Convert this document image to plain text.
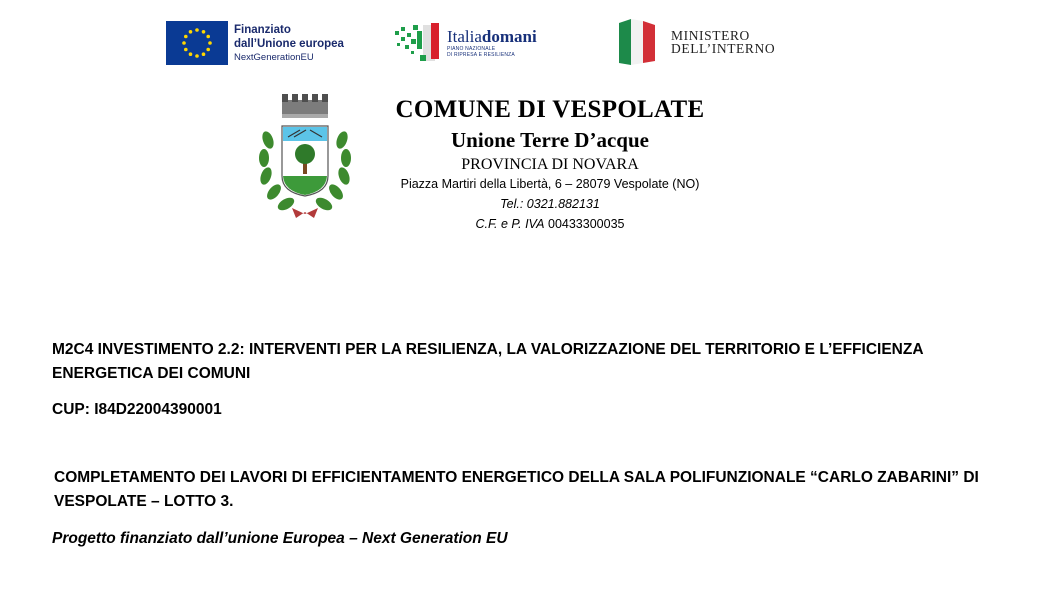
Finanziato
dall’Unione europea
NextGenerationEU
Italiadomani
PIANO NAZIONALE
DI RIPRESA E RESILIENZA
MINISTERO
DELL’INTERNO
COMUNE DI VESPOLATE
Unione Terre D’acque
PROVINCIA DI NOVARA
Piazza Martiri della Libertà, 6 – 28079 Vespolate (NO)
Tel.: 0321.882131
C.F. e P. IVA 00433300035
M2C4 INVESTIMENTO 2.2: INTERVENTI PER LA RESILIENZA, LA VALORIZZAZIONE DEL TERRITORIO E L’EFFICIENZA ENERGETICA DEI COMUNI
CUP: I84D22004390001
COMPLETAMENTO DEI LAVORI DI EFFICIENTAMENTO ENERGETICO DELLA SALA POLIFUNZIONALE “CARLO ZABARINI” DI VESPOLATE – LOTTO 3.
Progetto finanziato dall’unione Europea – Next Generation EU
